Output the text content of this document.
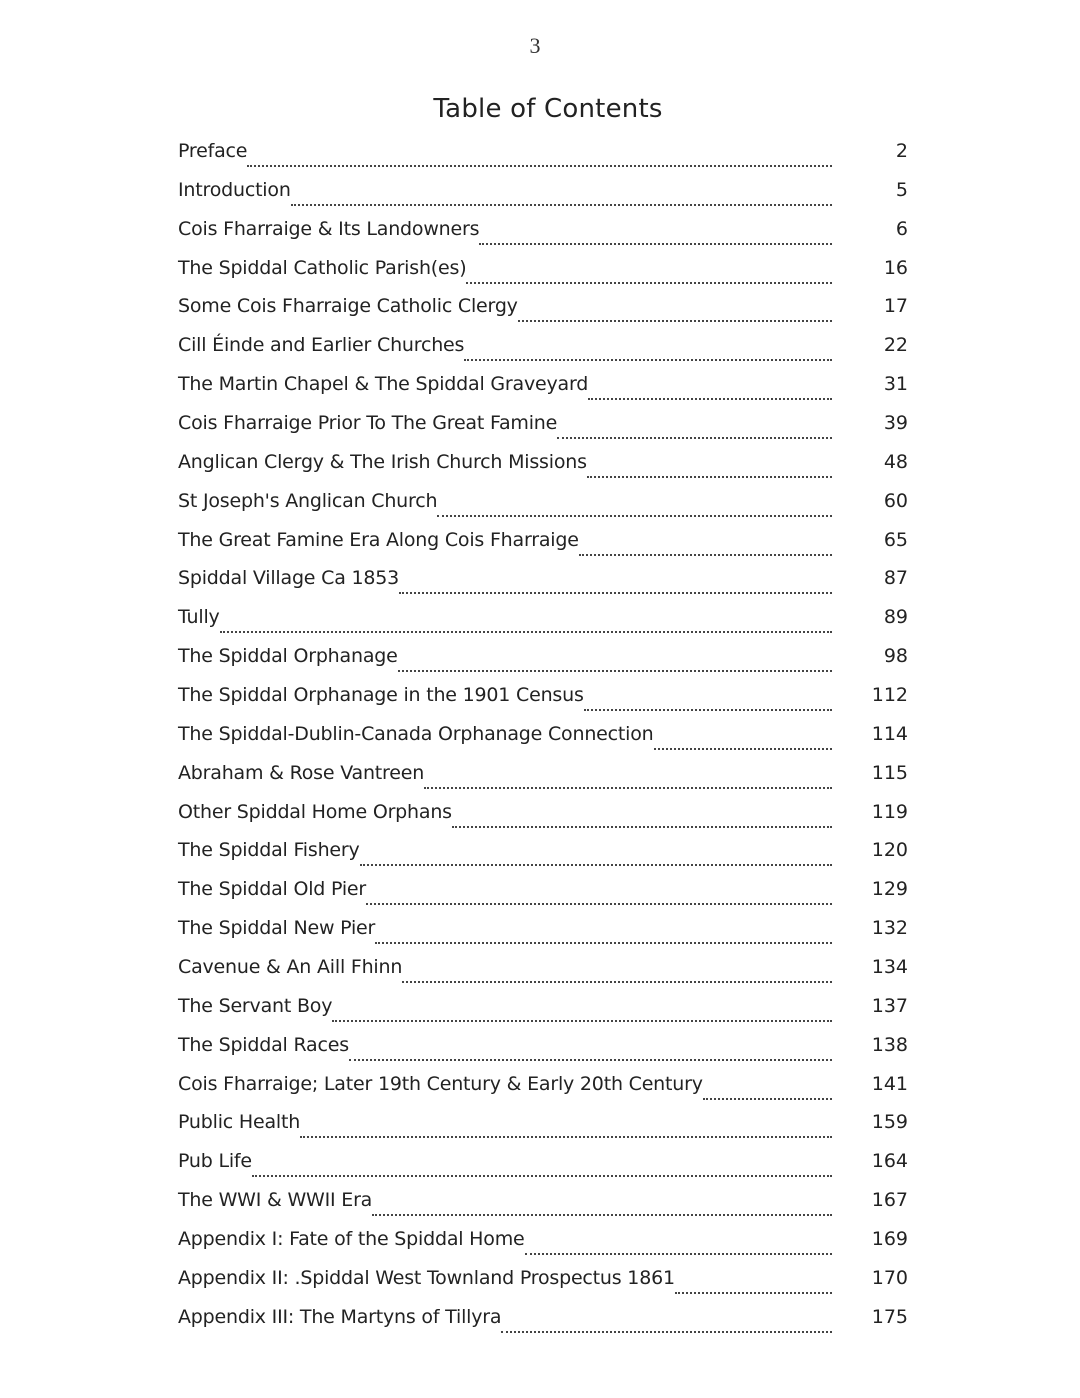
3
Table of Contents
Preface	2
Introduction	5
Cois Fharraige & Its Landowners	6
The Spiddal Catholic Parish(es)	16
Some Cois Fharraige Catholic Clergy	17
Cill Éinde and Earlier Churches	22
The Martin Chapel & The Spiddal Graveyard	31
Cois Fharraige Prior To The Great Famine	39
Anglican Clergy & The Irish Church Missions	48
St Joseph's Anglican Church	60
The Great Famine Era Along Cois Fharraige	65
Spiddal Village Ca 1853	87
Tully	89
The Spiddal Orphanage	98
The Spiddal Orphanage in the 1901 Census	112
The Spiddal-Dublin-Canada Orphanage Connection	114
Abraham & Rose Vantreen	115
Other Spiddal Home Orphans	119
The Spiddal Fishery	120
The Spiddal Old Pier	129
The Spiddal New Pier	132
Cavenue & An Aill Fhinn	134
The Servant Boy	137
The Spiddal Races	138
Cois Fharraige; Later 19th Century & Early 20th Century	141
Public Health	159
Pub Life	164
The WWI & WWII Era	167
Appendix I: Fate of the Spiddal Home	169
Appendix II: .Spiddal West Townland Prospectus 1861	170
Appendix III: The Martyns of Tillyra	175
